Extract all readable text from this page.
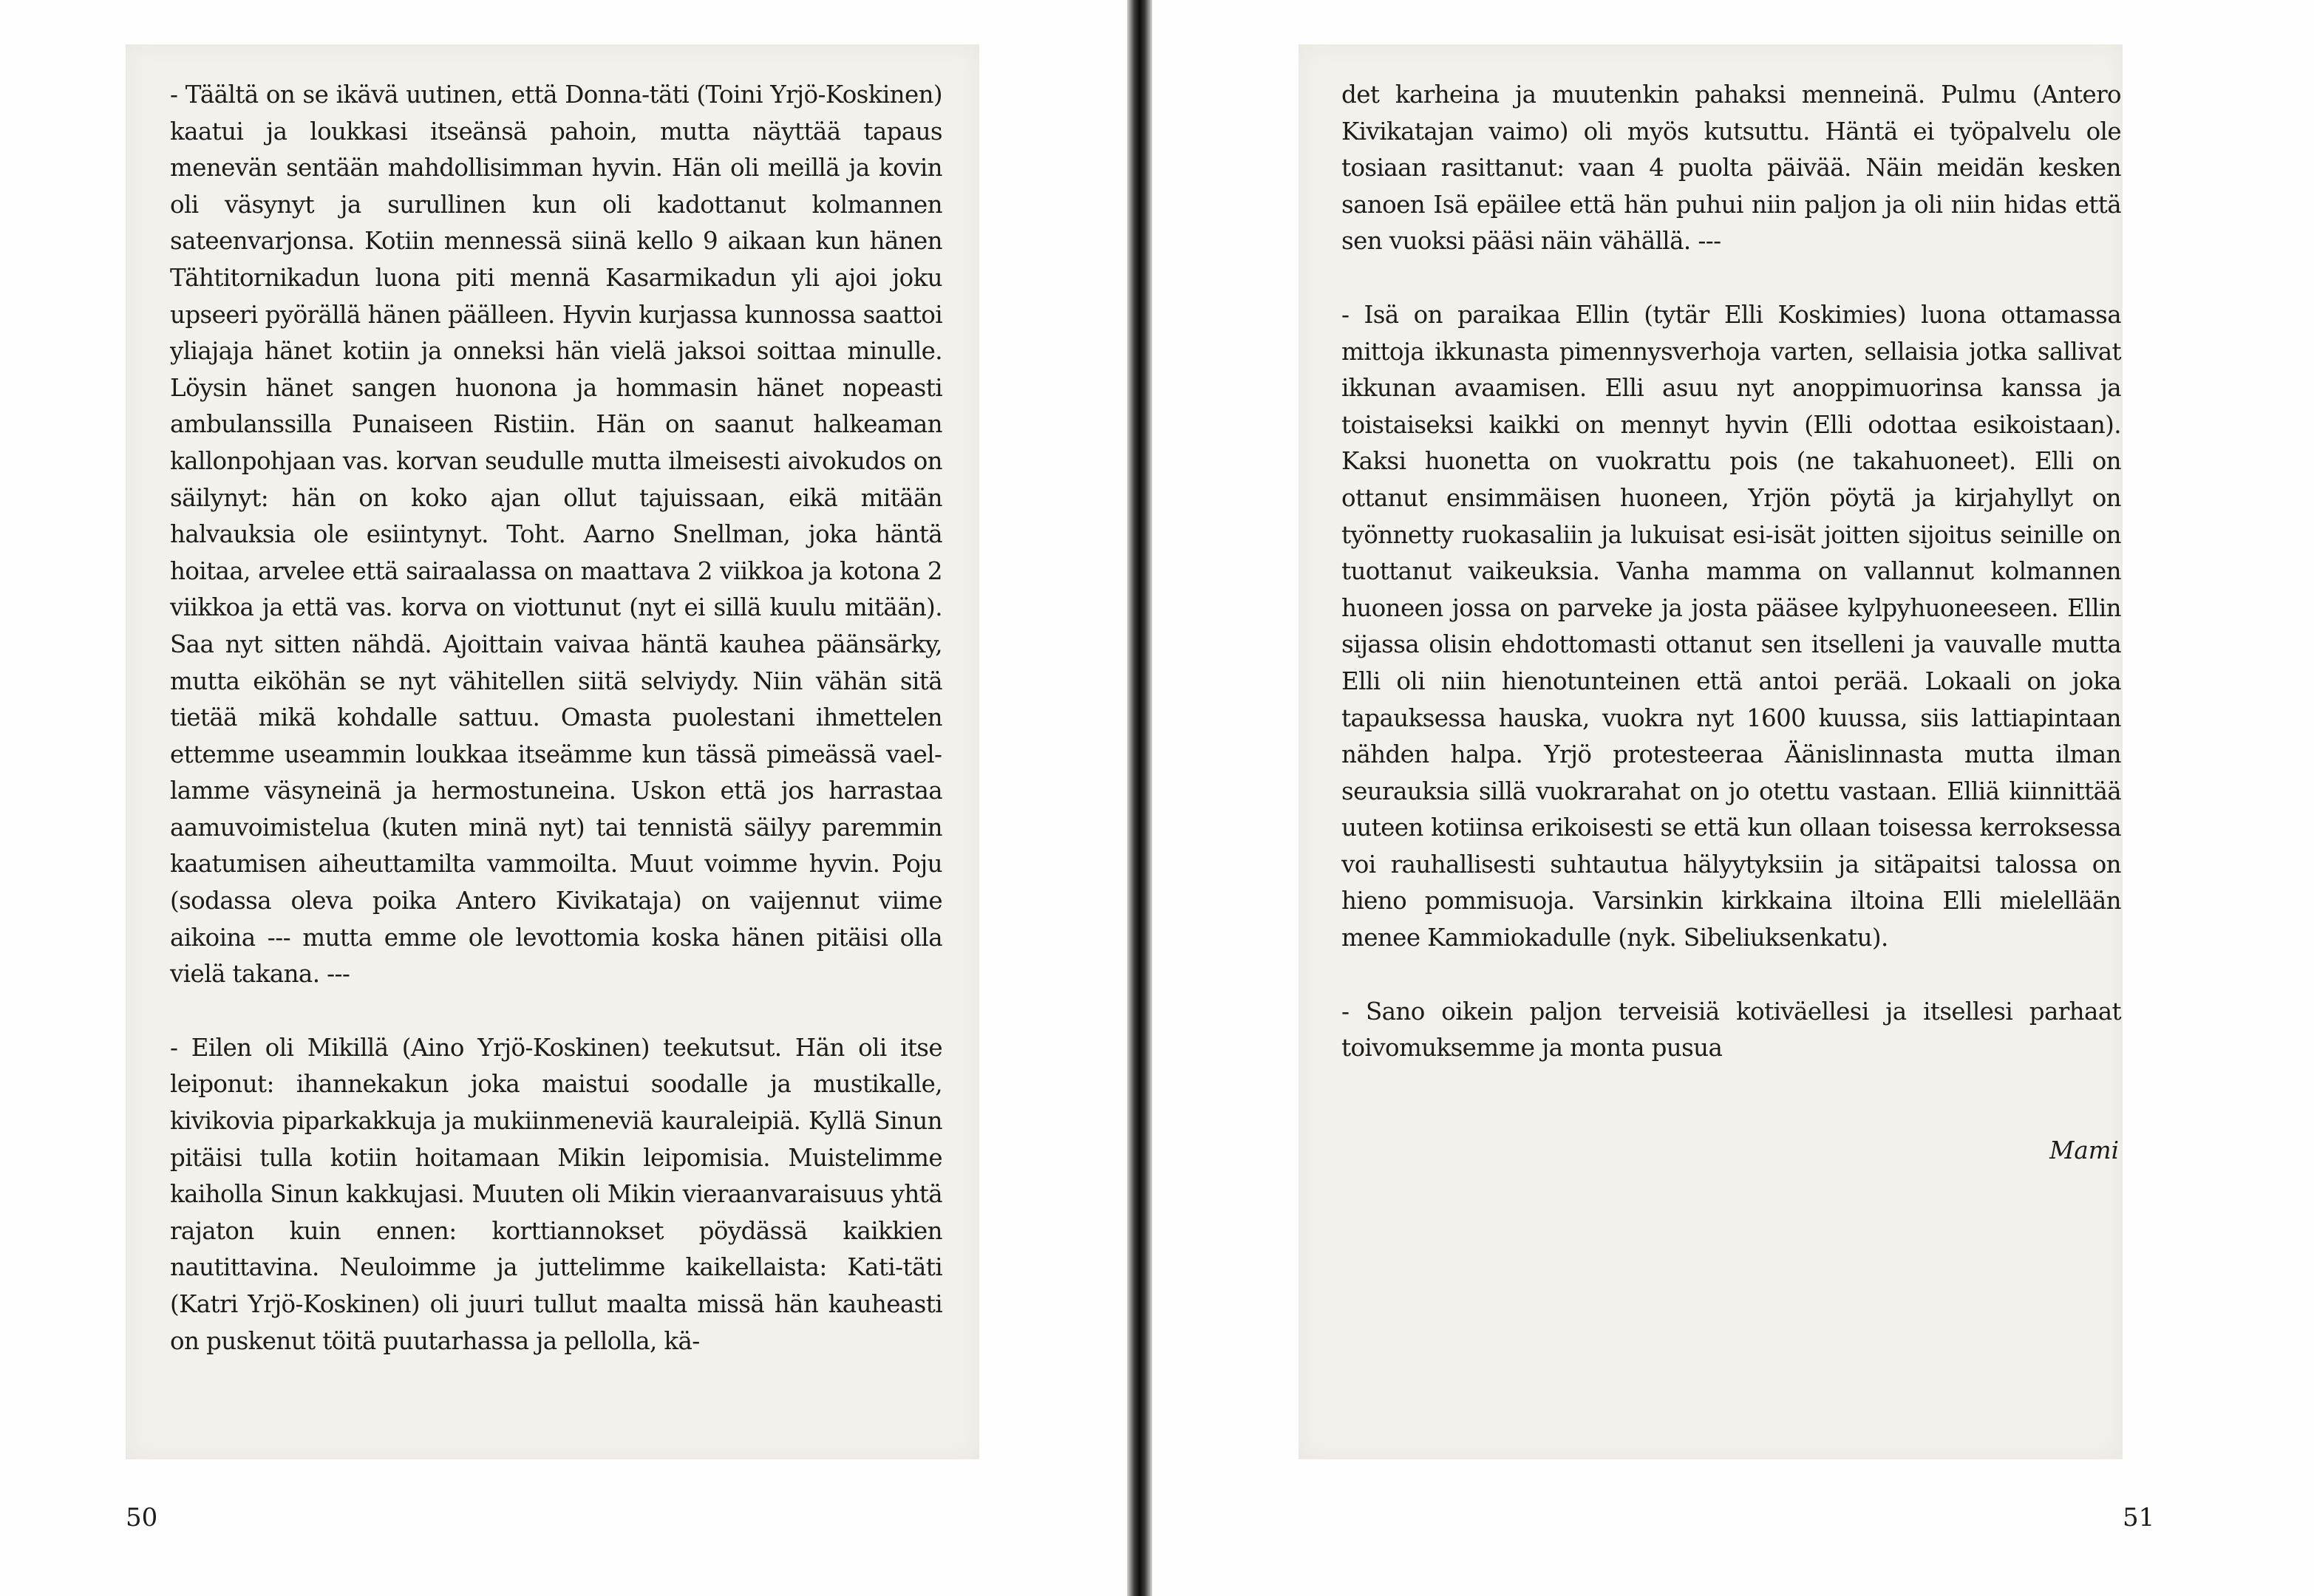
- Täältä on se ikävä uutinen, että Donna-täti (Toini Yrjö-Koskinen) kaatui ja loukkasi itseänsä pahoin, mutta näyttää tapaus menevän sentään mahdollisimman hyvin. Hän oli meillä ja kovin oli väsynyt ja surullinen kun oli kadottanut kolmannen sateenvarjonsa. Kotiin mennessä siinä kello 9 aikaan kun hänen Tähtitornikadun luona piti mennä Kasarmikadun yli ajoi joku upseeri pyörällä hänen päälleen. Hyvin kurjassa kunnossa saattoi yliajaja hänet kotiin ja onneksi hän vielä jaksoi soittaa minulle. Löysin hänet sangen huonona ja hommasin hänet nopeasti ambulanssilla Punaiseen Ristiin. Hän on saanut halkeaman kallonpohjaan vas. korvan seudulle mutta ilmeisesti aivokudos on säilynyt: hän on koko ajan ollut tajuissaan, eikä mitään halvauksia ole esiintynyt. Toht. Aarno Snellman, joka häntä hoitaa, arvelee että sairaalassa on maattava 2 viikkoa ja kotona 2 viikkoa ja että vas. korva on viottunut (nyt ei sillä kuulu mitään). Saa nyt sitten nähdä. Ajoittain vaivaa häntä kauhea päänsärky, mutta eiköhän se nyt vähitellen siitä selviydy. Niin vähän sitä tietää mikä kohdalle sattuu. Omasta puolestani ihmettelen ettemme useammin loukkaa itseämme kun tässä pimeässä vaellamme väsyneinä ja hermostuneina. Uskon että jos harrastaa aamuvoimistelua (kuten minä nyt) tai tennistä säilyy paremmin kaatumisen aiheuttamilta vammoilta. Muut voimme hyvin. Poju (sodassa oleva poika Antero Kivikataja) on vaijennut viime aikoina --- mutta emme ole levottomia koska hänen pitäisi olla vielä takana. ---

- Eilen oli Mikillä (Aino Yrjö-Koskinen) teekutsut. Hän oli itse leiponut: ihannekakun joka maistui soodalle ja mustikalle, kivikovia piparkakkuja ja mukiinmeneviä kauraleipiä. Kyllä Sinun pitäisi tulla kotiin hoitamaan Mikin leipomisia. Muistelimme kaiholla Sinun kakkujasi. Muuten oli Mikin vieraanvaraisuus yhtä rajaton kuin ennen: korttiannokset pöydässä kaikkien nautittavina. Neuloimme ja juttelimme kaikellaista: Kati-täti (Katri Yrjö-Koskinen) oli juuri tullut maalta missä hän kauheasti on puskenut töitä puutarhassa ja pellolla, kä-

det karheina ja muutenkin pahaksi menneinä. Pulmu (Antero Kivikatajan vaimo) oli myös kutsuttu. Häntä ei työpalvelu ole tosiaan rasittanut: vaan 4 puolta päivää. Näin meidän kesken sanoen Isä epäilee että hän puhui niin paljon ja oli niin hidas että sen vuoksi pääsi näin vähällä. ---

- Isä on paraikaa Ellin (tytär Elli Koskimies) luona ottamassa mittoja ikkunasta pimennysverhoja varten, sellaisia jotka sallivat ikkunan avaamisen. Elli asuu nyt anoppimuorinsa kanssa ja toistaiseksi kaikki on mennyt hyvin (Elli odottaa esikoistaan). Kaksi huonetta on vuokrattu pois (ne takahuoneet). Elli on ottanut ensimmäisen huoneen, Yrjön pöytä ja kirjahyllyt on työnnetty ruokasaliin ja lukuisat esi-isät joitten sijoitus seinille on tuottanut vaikeuksia. Vanha mamma on vallannut kolmannen huoneen jossa on parveke ja josta pääsee kylpyhuoneeseen. Ellin sijassa olisin ehdottomasti ottanut sen itselleni ja vauvalle mutta Elli oli niin hienotunteinen että antoi perää. Lokaali on joka tapauksessa hauska, vuokra nyt 1600 kuussa, siis lattiapintaan nähden halpa. Yrjö protesteeraa Äänislinnasta mutta ilman seurauksia sillä vuokrarahat on jo otettu vastaan. Elliä kiinnittää uuteen kotiinsa erikoisesti se että kun ollaan toisessa kerroksessa voi rauhallisesti suhtautua hälyytyksiin ja sitäpaitsi talossa on hieno pommisuoja. Varsinkin kirkkaina iltoina Elli mielellään menee Kammiokadulle (nyk. Sibeliuksenkatu).

- Sano oikein paljon terveisiä kotiväellesi ja itsellesi parhaat toivomuksemme ja monta pusua

Mami
50	51
